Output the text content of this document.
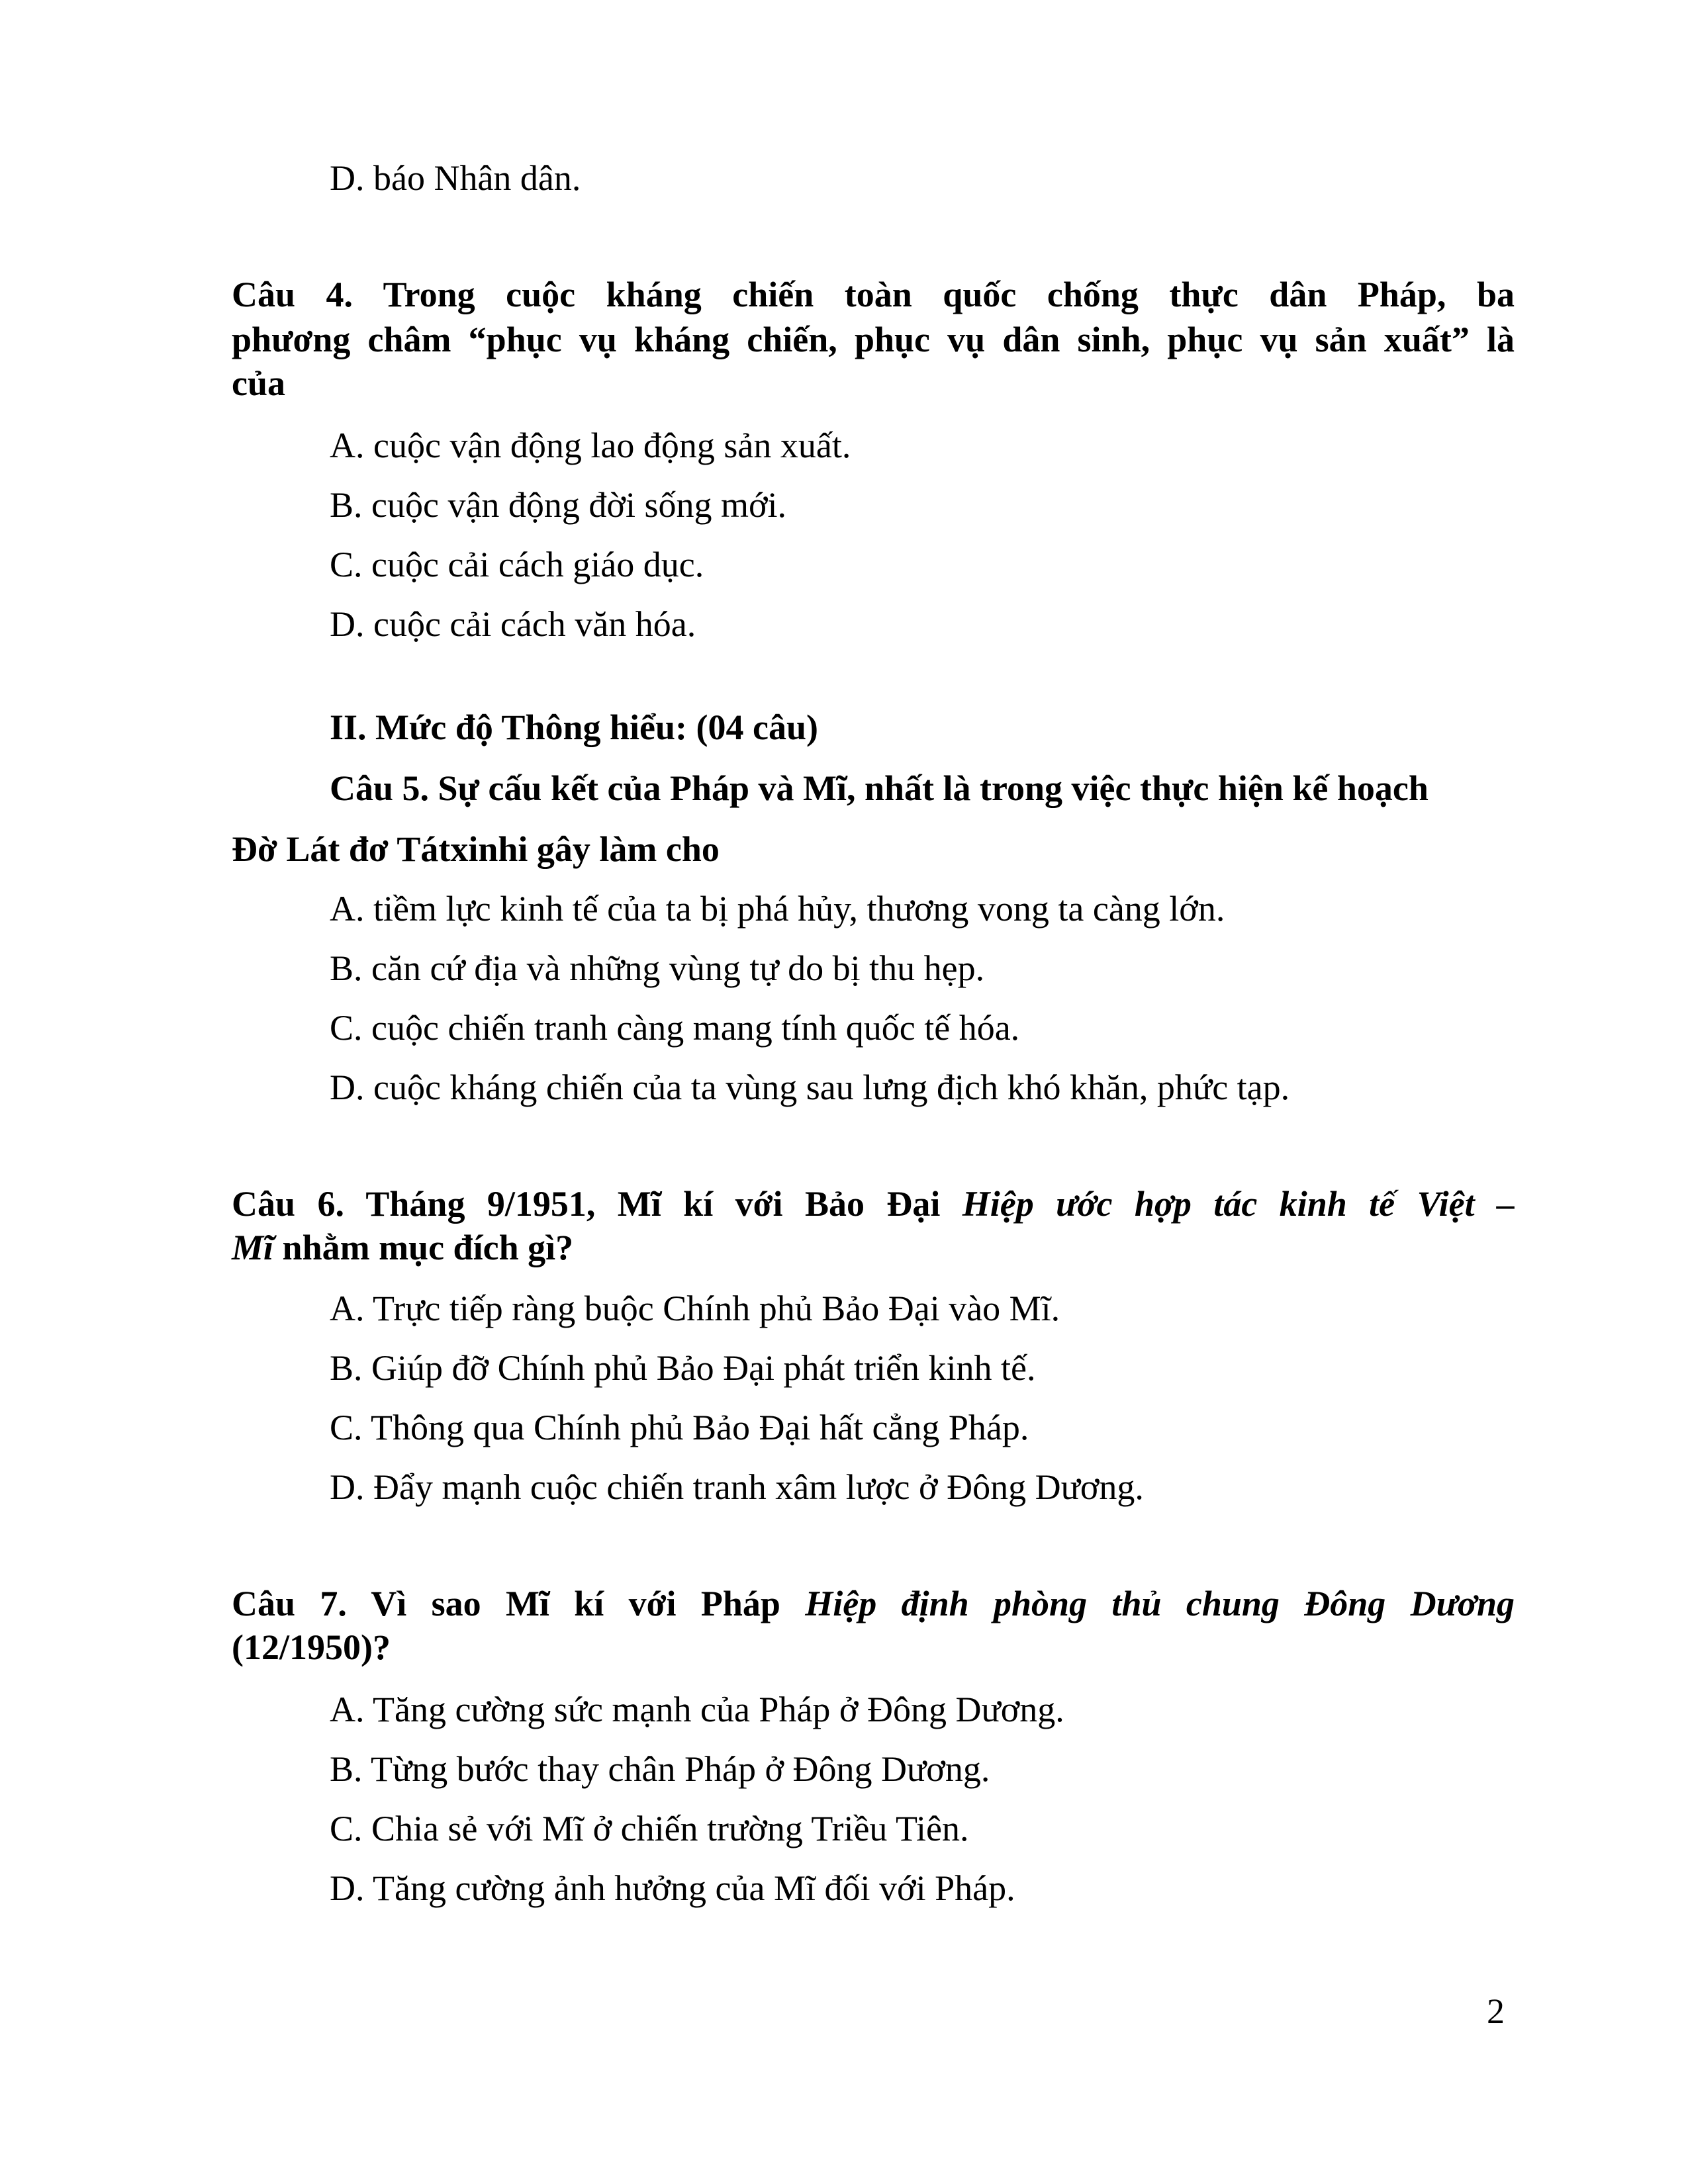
D. báo Nhân dân.

Câu 4. Trong cuộc kháng chiến toàn quốc chống thực dân Pháp, ba

phương châm “phục vụ kháng chiến, phục vụ dân sinh, phục vụ sản xuất” là

của

A. cuộc vận động lao động sản xuất.

B. cuộc vận động đời sống mới.

C. cuộc cải cách giáo dục.

D. cuộc cải cách văn hóa.

II. Mức độ Thông hiểu: (04 câu)

Câu 5. Sự cấu kết của Pháp và Mĩ, nhất là trong việc thực hiện kế hoạch

Đờ Lát đơ Tátxinhi gây làm cho

A. tiềm lực kinh tế của ta bị phá hủy, thương vong ta càng lớn.

B. căn cứ địa và những vùng tự do bị thu hẹp.

C. cuộc chiến tranh càng mang tính quốc tế hóa.

D. cuộc kháng chiến của ta vùng sau lưng địch khó khăn, phức tạp.

Câu 6. Tháng 9/1951, Mĩ kí với Bảo Đại Hiệp ước hợp tác kinh tế Việt –

Mĩ nhằm mục đích gì?

A. Trực tiếp ràng buộc Chính phủ Bảo Đại vào Mĩ.

B. Giúp đỡ Chính phủ Bảo Đại phát triển kinh tế.

C. Thông qua Chính phủ Bảo Đại hất cẳng Pháp.

D. Đẩy mạnh cuộc chiến tranh xâm lược ở Đông Dương.

Câu 7. Vì sao Mĩ kí với Pháp Hiệp định phòng thủ chung Đông Dương

(12/1950)?

A. Tăng cường sức mạnh của Pháp ở Đông Dương.

B. Từng bước thay chân Pháp ở Đông Dương.

C. Chia sẻ với Mĩ ở chiến trường Triều Tiên.

D. Tăng cường ảnh hưởng của Mĩ đối với Pháp.

2
